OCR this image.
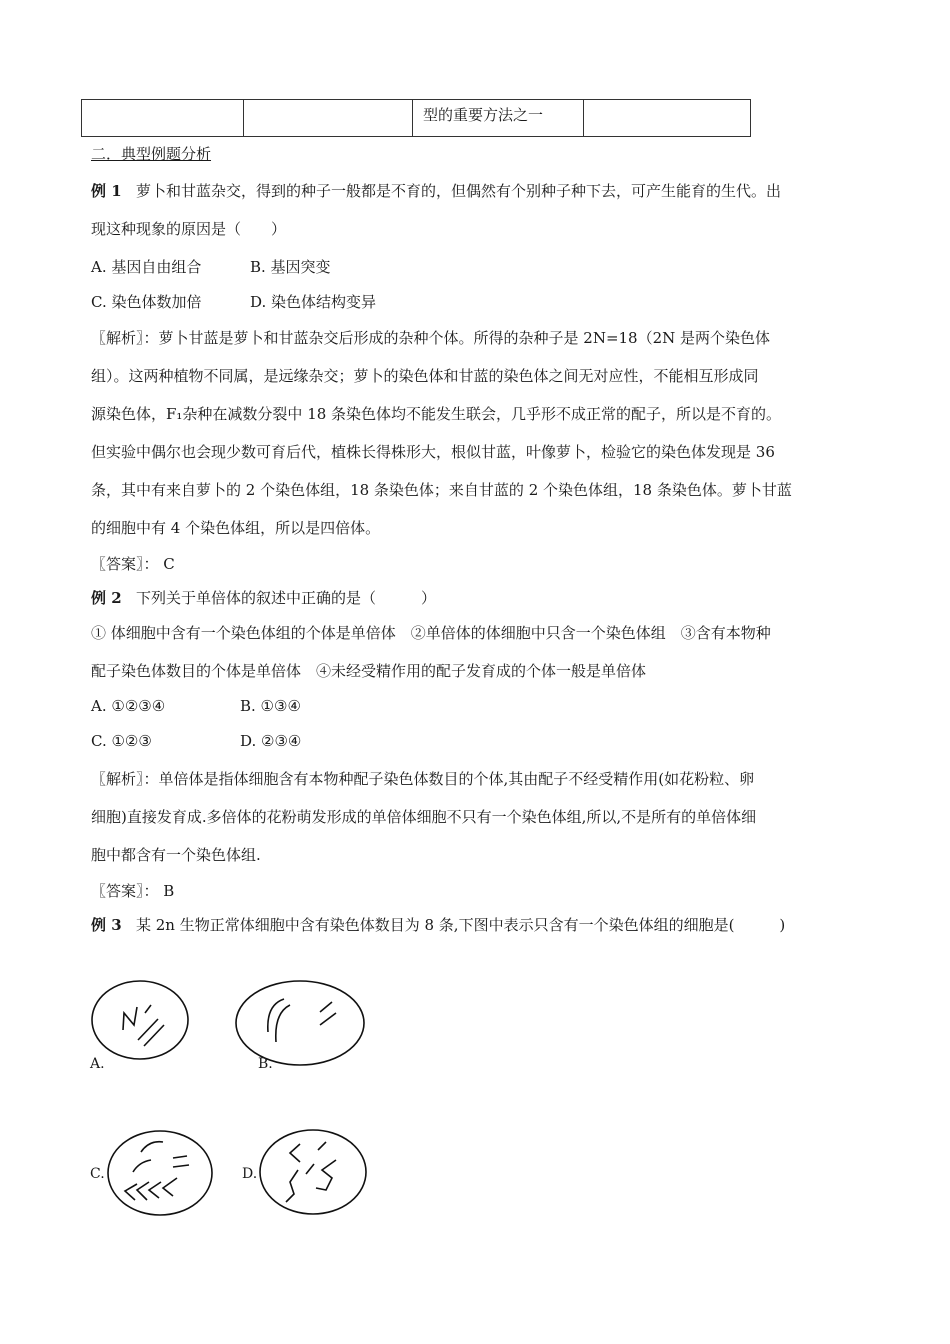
型的重要方法之一
二．典型例题分析
例 1 萝卜和甘蓝杂交，得到的种子一般都是不育的，但偶然有个别种子种下去，可产生能育的生代。出
现这种现象的原因是（　　）
A. 基因自由组合	B. 基因突变
C. 染色体数加倍	D. 染色体结构变异
〖解析〗：萝卜甘蓝是萝卜和甘蓝杂交后形成的杂种个体。所得的杂种子是 2N=18（2N 是两个染色体
组）。这两种植物不同属，是远缘杂交；萝卜的染色体和甘蓝的染色体之间无对应性，不能相互形成同
源染色体，F₁杂种在减数分裂中 18 条染色体均不能发生联会，几乎形不成正常的配子，所以是不育的。
但实验中偶尔也会现少数可育后代，植株长得株形大，根似甘蓝，叶像萝卜，检验它的染色体发现是 36
条，其中有来自萝卜的 2 个染色体组，18 条染色体；来自甘蓝的 2 个染色体组，18 条染色体。萝卜甘蓝
的细胞中有 4 个染色体组，所以是四倍体。
〖答案〗： C
例 2 下列关于单倍体的叙述中正确的是（　　　）
① 体细胞中含有一个染色体组的个体是单倍体　②单倍体的体细胞中只含一个染色体组　③含有本物种
配子染色体数目的个体是单倍体　④未经受精作用的配子发育成的个体一般是单倍体
A. ①②③④	B. ①③④
C. ①②③	D. ②③④
〖解析〗：单倍体是指体细胞含有本物种配子染色体数目的个体,其由配子不经受精作用(如花粉粒、卵
细胞)直接发育成.多倍体的花粉萌发形成的单倍体细胞不只有一个染色体组,所以,不是所有的单倍体细
胞中都含有一个染色体组.
〖答案〗： B
例 3 某 2n 生物正常体细胞中含有染色体数目为 8 条,下图中表示只含有一个染色体组的细胞是(　　　)
A.	B.
C.	D.
